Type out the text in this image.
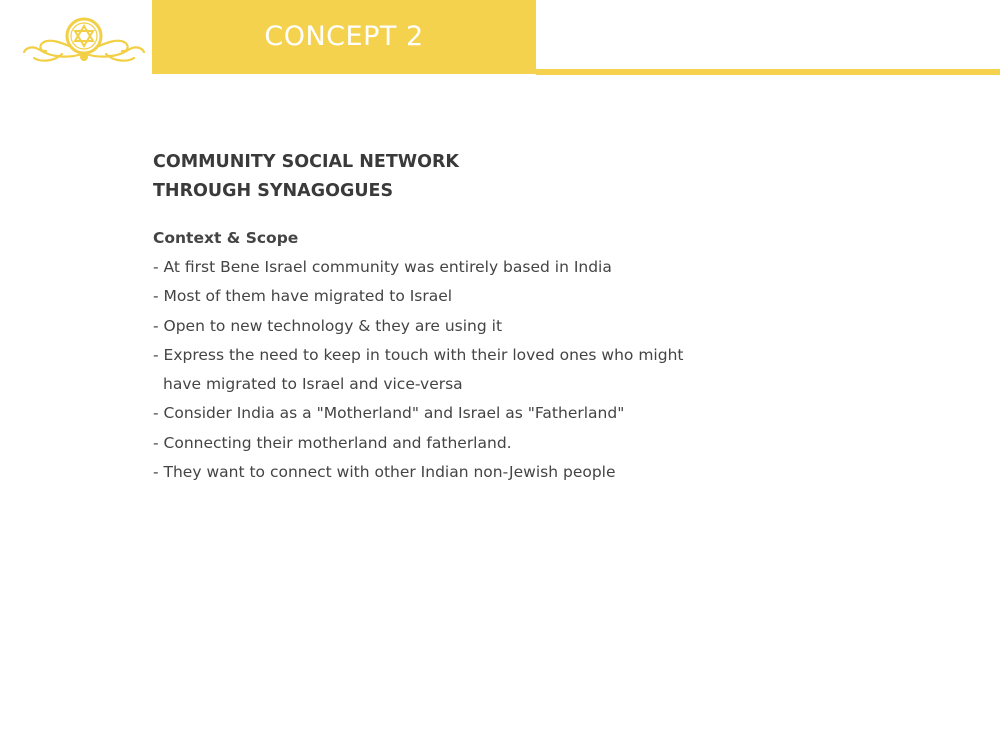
CONCEPT 2
COMMUNITY SOCIAL NETWORK
THROUGH SYNAGOGUES
Context & Scope
- At first Bene Israel community was entirely based in India
- Most of them have migrated to Israel
- Open to new technology & they are using it
- Express the need to keep in touch with their loved ones who might have migrated to Israel and vice-versa
- Consider India as a "Motherland" and Israel as "Fatherland"
- Connecting their motherland and fatherland.
- They want to connect with other Indian non-Jewish people
